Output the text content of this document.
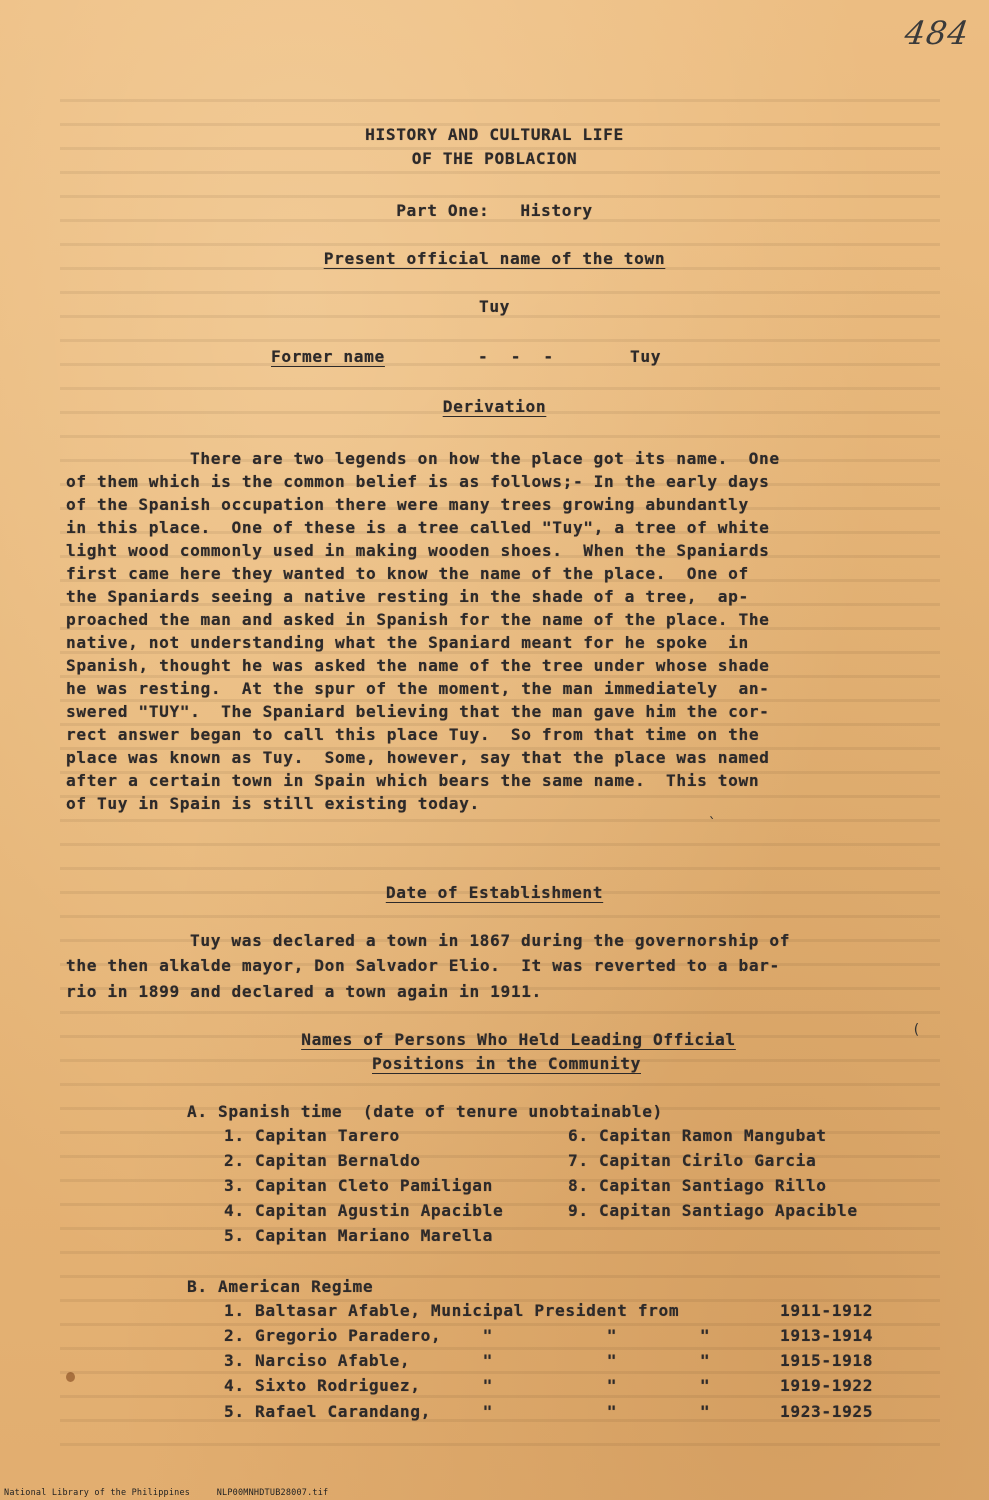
484
HISTORY AND CULTURAL LIFE
OF THE POBLACION
Part One:   History
Present official name of the town
Tuy
Former name	- - -	Tuy
Derivation
There are two legends on how the place got its name.  One
of them which is the common belief is as follows;- In the early days
of the Spanish occupation there were many trees growing abundantly
in this place.  One of these is a tree called "Tuy", a tree of white
light wood commonly used in making wooden shoes.  When the Spaniards
first came here they wanted to know the name of the place.  One of
the Spaniards seeing a native resting in the shade of a tree,  ap-
proached the man and asked in Spanish for the name of the place. The
native, not understanding what the Spaniard meant for he spoke  in
Spanish, thought he was asked the name of the tree under whose shade
he was resting.  At the spur of the moment, the man immediately  an-
swered "TUY".  The Spaniard believing that the man gave him the cor-
rect answer began to call this place Tuy.  So from that time on the
place was known as Tuy.  Some, however, say that the place was named
after a certain town in Spain which bears the same name.  This town
of Tuy in Spain is still existing today.
`
Date of Establishment
Tuy was declared a town in 1867 during the governorship of
the then alkalde mayor, Don Salvador Elio.  It was reverted to a bar-
rio in 1899 and declared a town again in 1911.
(
Names of Persons Who Held Leading Official
Positions in the Community
A. Spanish time  (date of tenure unobtainable)
1. Capitan Tarero
2. Capitan Bernaldo
3. Capitan Cleto Pamiligan
4. Capitan Agustin Apacible
5. Capitan Mariano Marella
6. Capitan Ramon Mangubat
7. Capitan Cirilo Garcia
8. Capitan Santiago Rillo
9. Capitan Santiago Apacible
B. American Regime
1. Baltasar Afable, Municipal President from	1911-1912
2. Gregorio Paradero,    "           "        "	1913-1914
3. Narciso Afable,       "           "        "	1915-1918
4. Sixto Rodriguez,      "           "        "	1919-1922
5. Rafael Carandang,     "           "        "	1923-1925
National Library of the Philippines     NLP00MNHDTUB28007.tif
